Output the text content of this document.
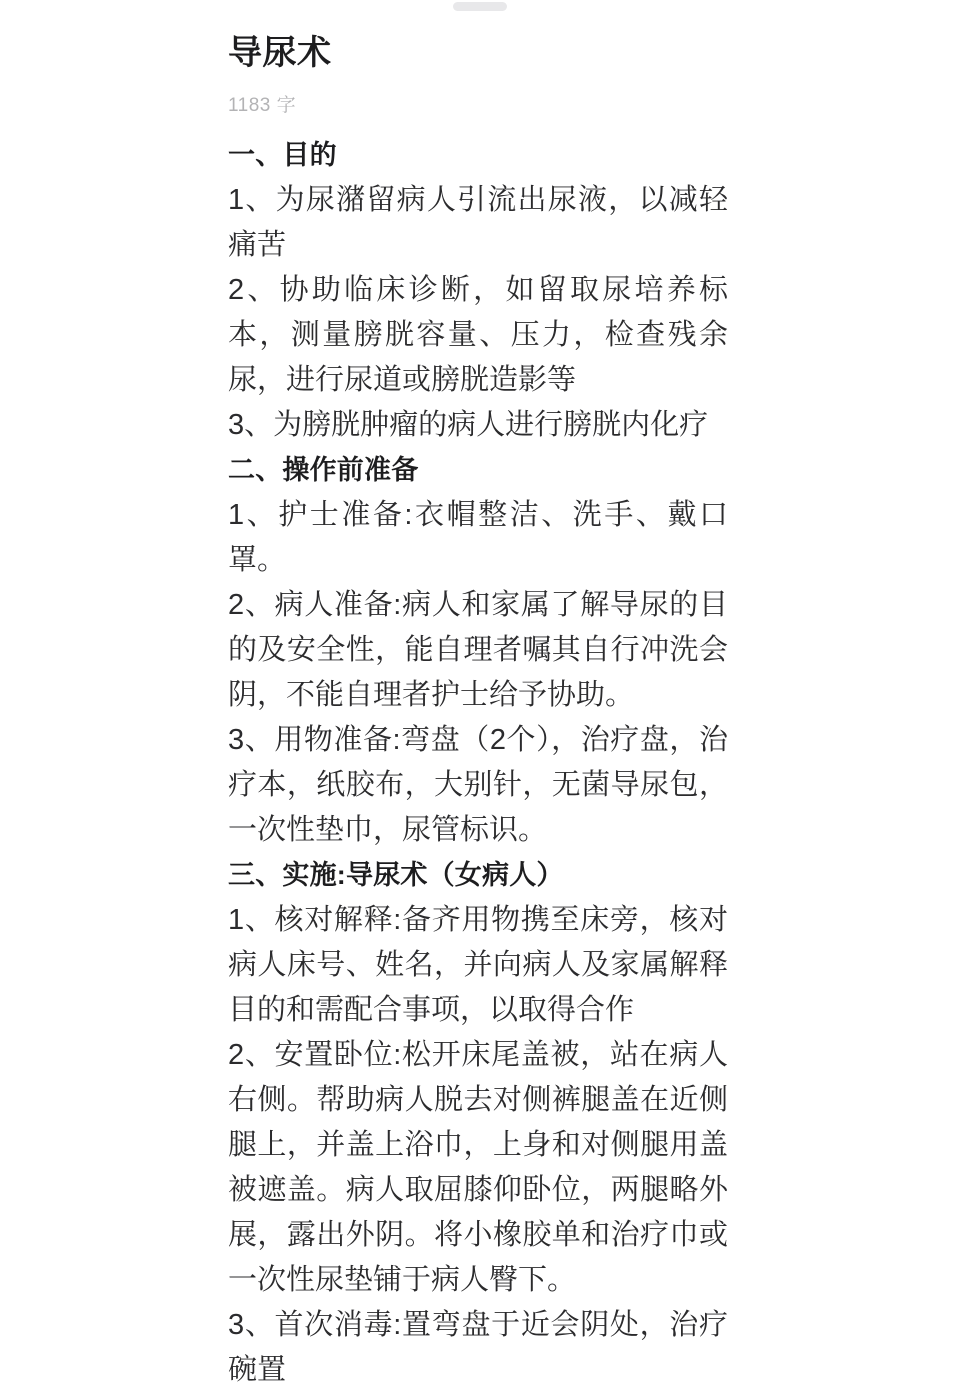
导尿术
1183 字
一、目的
1、为尿潴留病人引流出尿液，以减轻痛苦
2、协助临床诊断，如留取尿培养标本，测量膀胱容量、压力，检查残余尿，进行尿道或膀胱造影等
3、为膀胱肿瘤的病人进行膀胱内化疗
二、操作前准备
1、护士准备:衣帽整洁、洗手、戴口罩。
2、病人准备:病人和家属了解导尿的目的及安全性，能自理者嘱其自行冲洗会阴，不能自理者护士给予协助。
3、用物准备:弯盘（2个），治疗盘，治疗本，纸胶布，大别针，无菌导尿包，一次性垫巾，尿管标识。
三、实施:导尿术（女病人）
1、核对解释:备齐用物携至床旁，核对病人床号、姓名，并向病人及家属解释目的和需配合事项，以取得合作
2、安置卧位:松开床尾盖被，站在病人右侧。帮助病人脱去对侧裤腿盖在近侧腿上，并盖上浴巾，上身和对侧腿用盖被遮盖。病人取屈膝仰卧位，两腿略外展，露出外阴。将小橡胶单和治疗巾或一次性尿垫铺于病人臀下。
3、首次消毒:置弯盘于近会阴处，治疗碗置
